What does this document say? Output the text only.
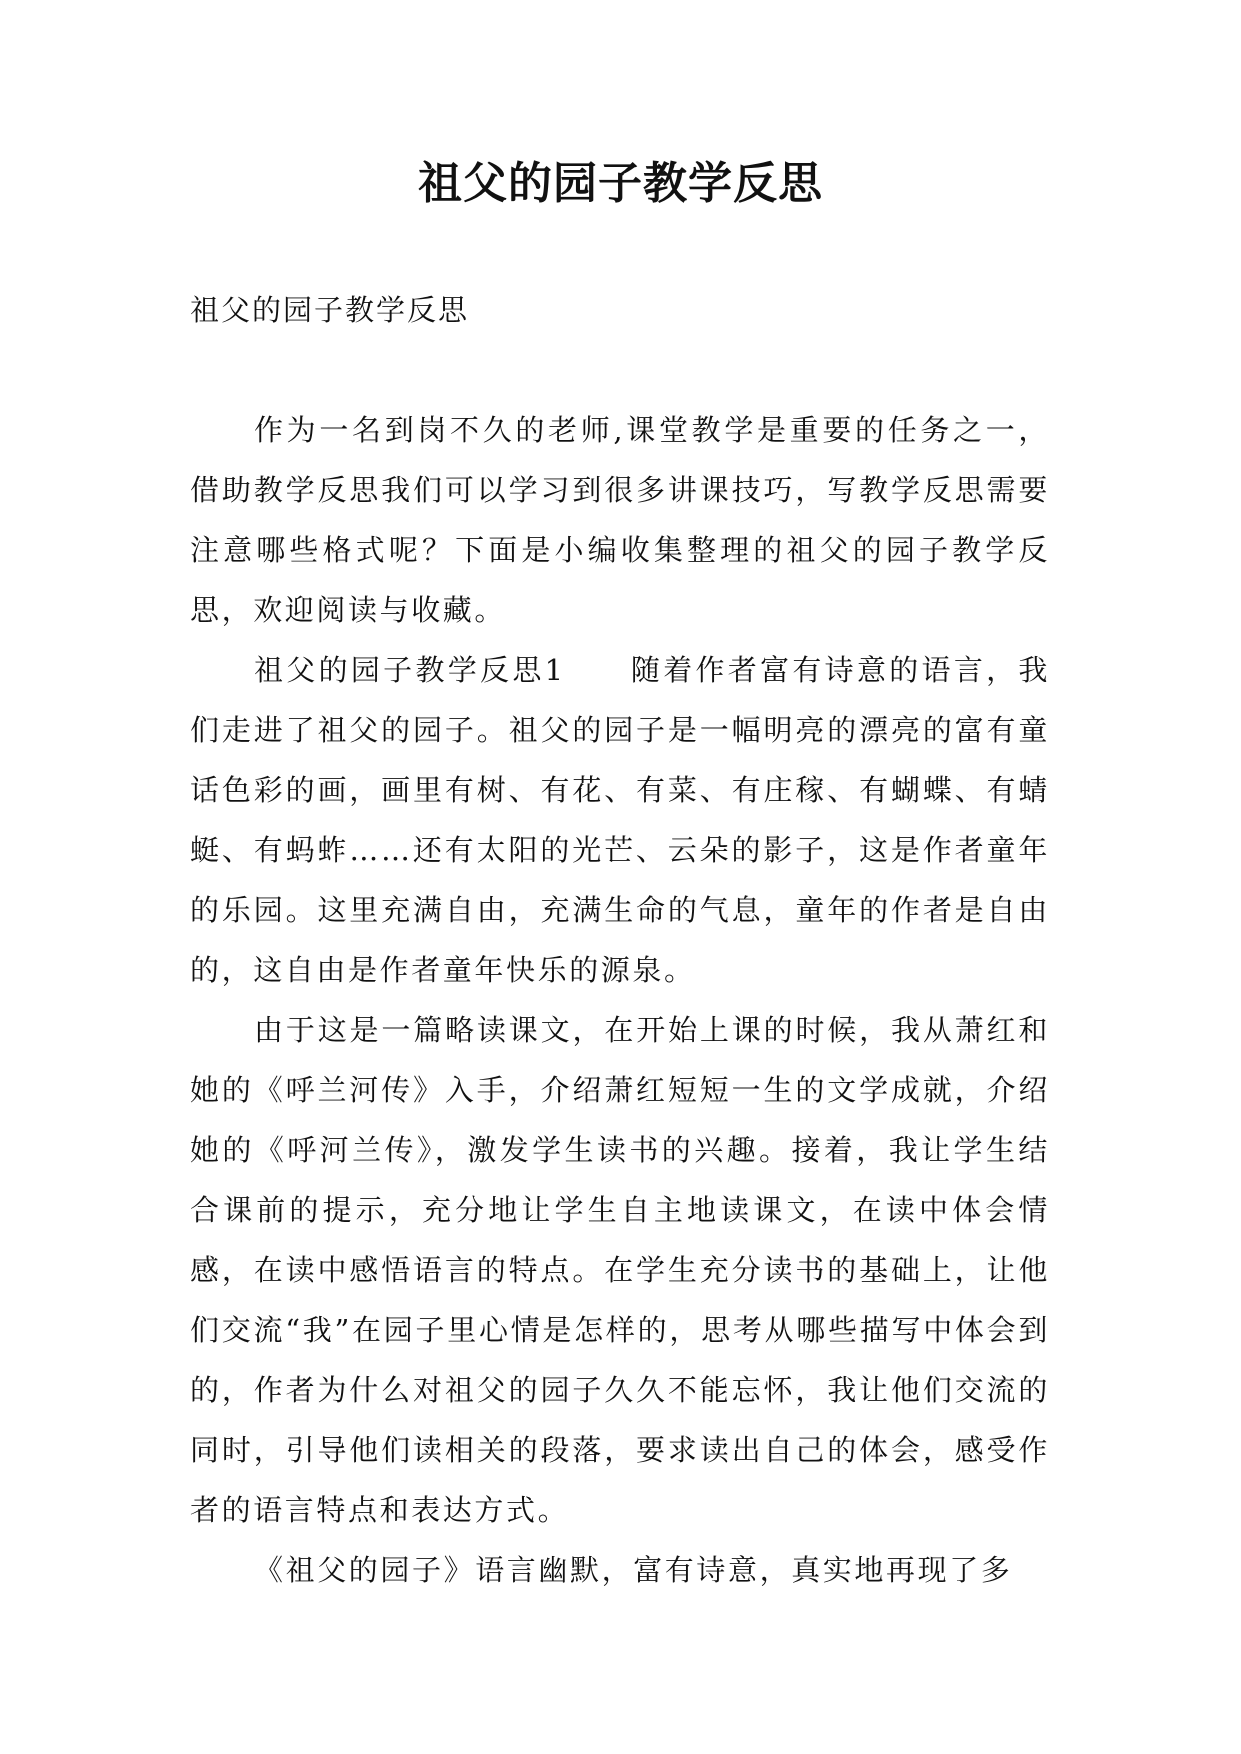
祖父的园子教学反思
祖父的园子教学反思

作为一名到岗不久的老师,课堂教学是重要的任务之一，借助教学反思我们可以学习到很多讲课技巧，写教学反思需要注意哪些格式呢？下面是小编收集整理的祖父的园子教学反思，欢迎阅读与收藏。

祖父的园子教学反思1　　随着作者富有诗意的语言，我们走进了祖父的园子。祖父的园子是一幅明亮的漂亮的富有童话色彩的画，画里有树、有花、有菜、有庄稼、有蝴蝶、有蜻蜓、有蚂蚱……还有太阳的光芒、云朵的影子，这是作者童年的乐园。这里充满自由，充满生命的气息，童年的作者是自由的，这自由是作者童年快乐的源泉。

由于这是一篇略读课文，在开始上课的时候，我从萧红和她的《呼兰河传》入手，介绍萧红短短一生的文学成就，介绍她的《呼河兰传》，激发学生读书的兴趣。接着，我让学生结合课前的提示，充分地让学生自主地读课文，在读中体会情感，在读中感悟语言的特点。在学生充分读书的基础上，让他们交流“我”在园子里心情是怎样的，思考从哪些描写中体会到的，作者为什么对祖父的园子久久不能忘怀，我让他们交流的同时，引导他们读相关的段落，要求读出自己的体会，感受作者的语言特点和表达方式。

《祖父的园子》语言幽默，富有诗意，真实地再现了多
